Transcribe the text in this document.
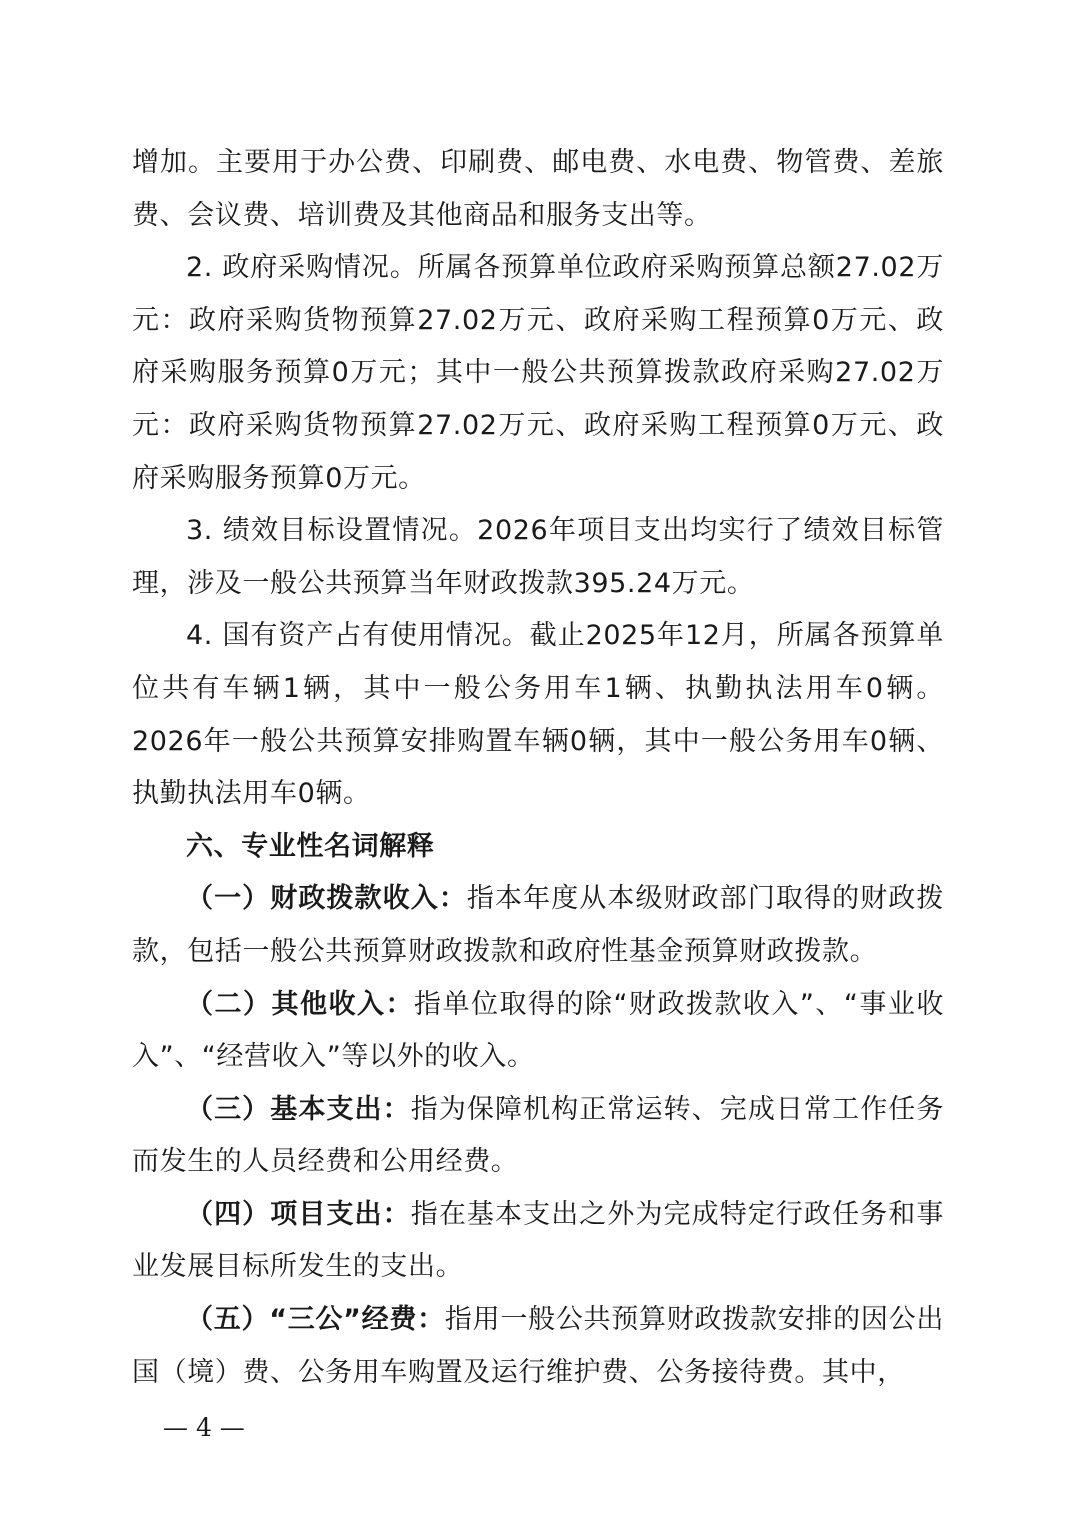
增加。主要用于办公费、印刷费、邮电费、水电费、物管费、差旅费、会议费、培训费及其他商品和服务支出等。

2. 政府采购情况。所属各预算单位政府采购预算总额27.02万元：政府采购货物预算27.02万元、政府采购工程预算0万元、政府采购服务预算0万元；其中一般公共预算拨款政府采购27.02万元：政府采购货物预算27.02万元、政府采购工程预算0万元、政府采购服务预算0万元。

3. 绩效目标设置情况。2026年项目支出均实行了绩效目标管理，涉及一般公共预算当年财政拨款395.24万元。

4. 国有资产占有使用情况。截止2025年12月，所属各预算单位共有车辆1辆，其中一般公务用车1辆、执勤执法用车0辆。2026年一般公共预算安排购置车辆0辆，其中一般公务用车0辆、执勤执法用车0辆。

六、专业性名词解释

（一）财政拨款收入：指本年度从本级财政部门取得的财政拨款，包括一般公共预算财政拨款和政府性基金预算财政拨款。

（二）其他收入：指单位取得的除“财政拨款收入”、“事业收入”、“经营收入”等以外的收入。

（三）基本支出：指为保障机构正常运转、完成日常工作任务而发生的人员经费和公用经费。

（四）项目支出：指在基本支出之外为完成特定行政任务和事业发展目标所发生的支出。

（五）“三公”经费：指用一般公共预算财政拨款安排的因公出国（境）费、公务用车购置及运行维护费、公务接待费。其中，

— 4 —
